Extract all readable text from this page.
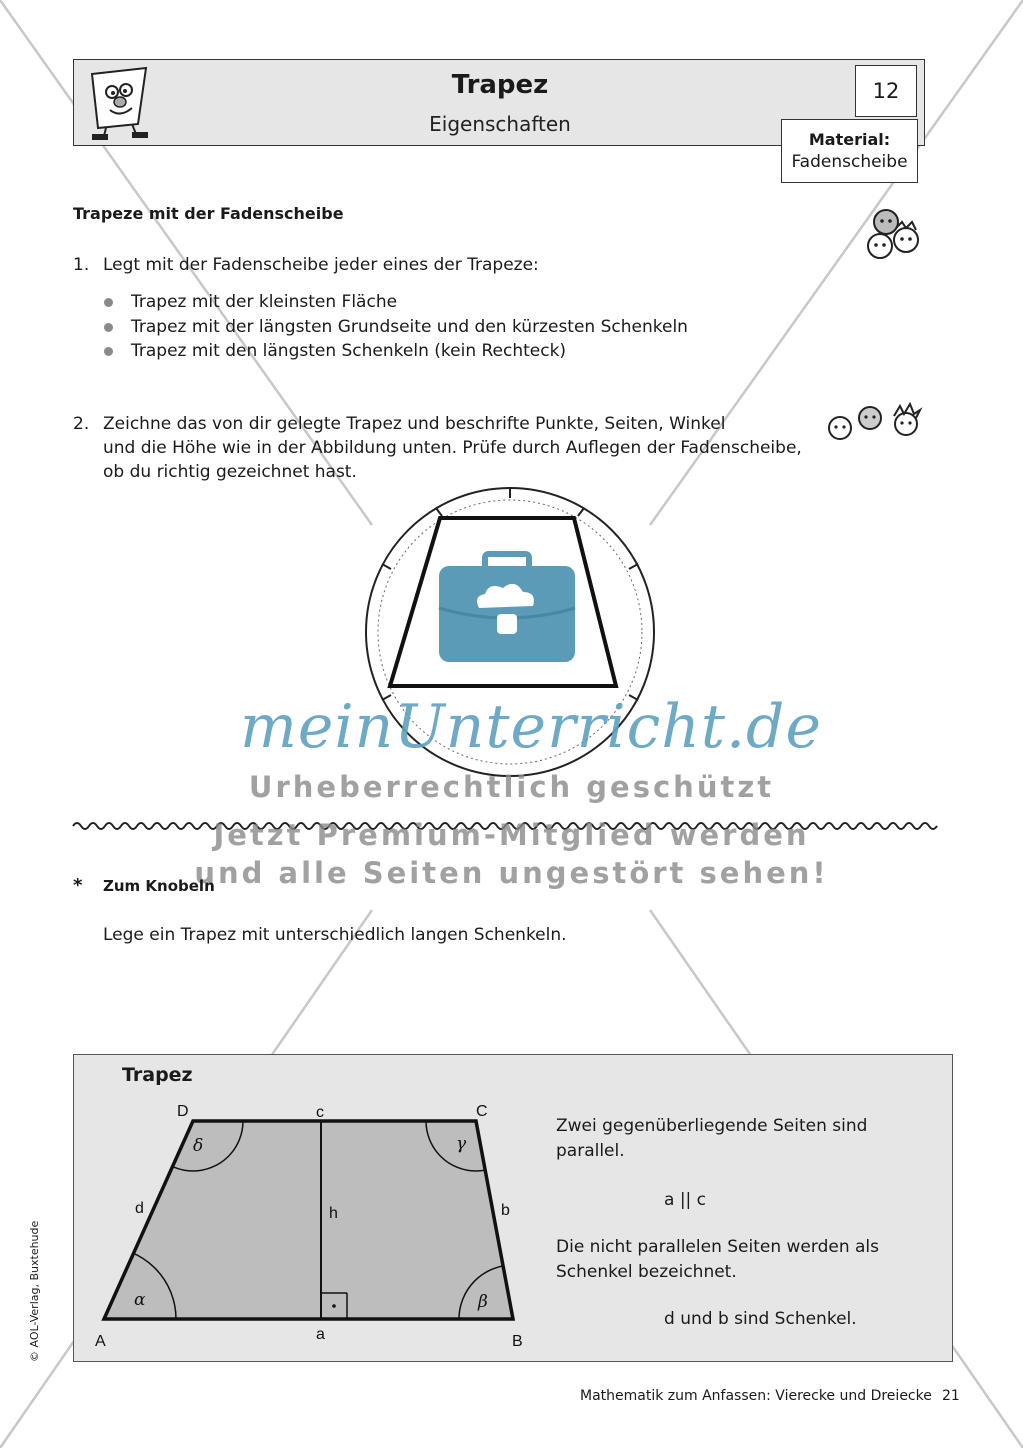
Trapez
Eigenschaften
12
Material:
Fadenscheibe
Trapeze mit der Fadenscheibe
1. Legt mit der Fadenscheibe jeder eines der Trapeze:
Trapez mit der kleinsten Fläche
Trapez mit der längsten Grundseite und den kürzesten Schenkeln
Trapez mit den längsten Schenkeln (kein Rechteck)
2. Zeichne das von dir gelegte Trapez und beschrifte Punkte, Seiten, Winkel
und die Höhe wie in der Abbildung unten. Prüfe durch Auflegen der Fadenscheibe,
ob du richtig gezeichnet hast.
meinUnterricht.de
Urheberrechtlich geschützt
Jetzt Premium-Mitglied werden
und alle Seiten ungestört sehen!
* Zum Knobeln
Lege ein Trapez mit unterschiedlich langen Schenkeln.
Trapez
A	B
C
D
a
b
c
d	h
α	β
γ
δ
Zwei gegenüberliegende Seiten sind
parallel.
a || c
Die nicht parallelen Seiten werden als
Schenkel bezeichnet.
d und b sind Schenkel.
© AOL-Verlag, Buxtehude
Mathematik zum Anfassen: Vierecke und Dreiecke 21
